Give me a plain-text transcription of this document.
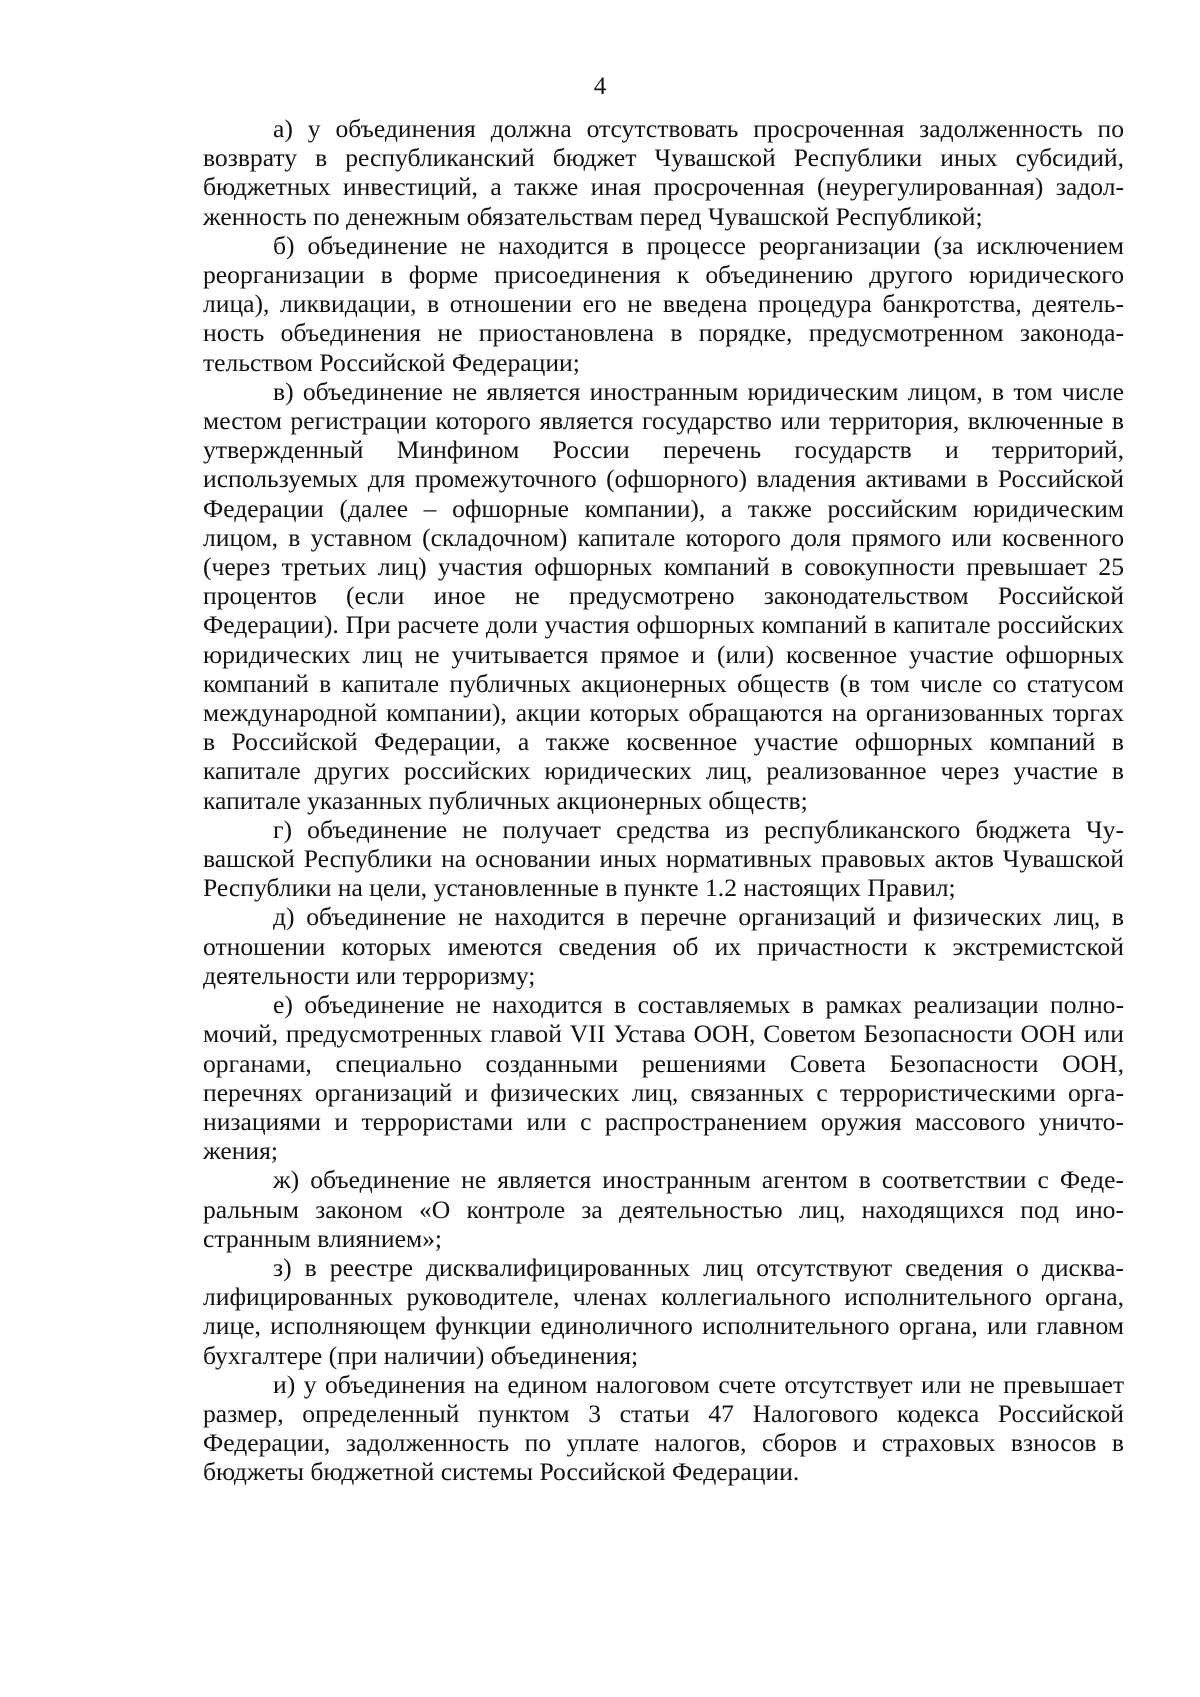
4

а) у объединения должна отсутствовать просроченная задолженность по возврату в республиканский бюджет Чувашской Республики иных субсидий, бюджетных инвестиций, а также иная просроченная (неурегулированная) задолженность по денежным обязательствам перед Чувашской Республикой;

б) объединение не находится в процессе реорганизации (за исключением реорганизации в форме присоединения к объединению другого юридического лица), ликвидации, в отношении его не введена процедура банкротства, деятельность объединения не приостановлена в порядке, предусмотренном законодательством Российской Федерации;

в) объединение не является иностранным юридическим лицом, в том числе местом регистрации которого является государство или территория, включенные в утвержденный Минфином России перечень государств и территорий, используемых для промежуточного (офшорного) владения активами в Российской Федерации (далее – офшорные компании), а также российским юридическим лицом, в уставном (складочном) капитале которого доля прямого или косвенного (через третьих лиц) участия офшорных компаний в совокупности превышает 25 процентов (если иное не предусмотрено законодательством Российской Федерации). При расчете доли участия офшорных компаний в капитале российских юридических лиц не учитывается прямое и (или) косвенное участие офшорных компаний в капитале публичных акционерных обществ (в том числе со статусом международной компании), акции которых обращаются на организованных торгах в Российской Федерации, а также косвенное участие офшорных компаний в капитале других российских юридических лиц, реализованное через участие в капитале указанных публичных акционерных обществ;

г) объединение не получает средства из республиканского бюджета Чувашской Республики на основании иных нормативных правовых актов Чувашской Республики на цели, установленные в пункте 1.2 настоящих Правил;

д) объединение не находится в перечне организаций и физических лиц, в отношении которых имеются сведения об их причастности к экстремистской деятельности или терроризму;

е) объединение не находится в составляемых в рамках реализации полномочий, предусмотренных главой VII Устава ООН, Советом Безопасности ООН или органами, специально созданными решениями Совета Безопасности ООН, перечнях организаций и физических лиц, связанных с террористическими организациями и террористами или с распространением оружия массового уничтожения;

ж) объединение не является иностранным агентом в соответствии с Федеральным законом «О контроле за деятельностью лиц, находящихся под иностранным влиянием»;

з) в реестре дисквалифицированных лиц отсутствуют сведения о дисквалифицированных руководителе, членах коллегиального исполнительного органа, лице, исполняющем функции единоличного исполнительного органа, или главном бухгалтере (при наличии) объединения;

и) у объединения на едином налоговом счете отсутствует или не превышает размер, определенный пунктом 3 статьи 47 Налогового кодекса Российской Федерации, задолженность по уплате налогов, сборов и страховых взносов в бюджеты бюджетной системы Российской Федерации.
